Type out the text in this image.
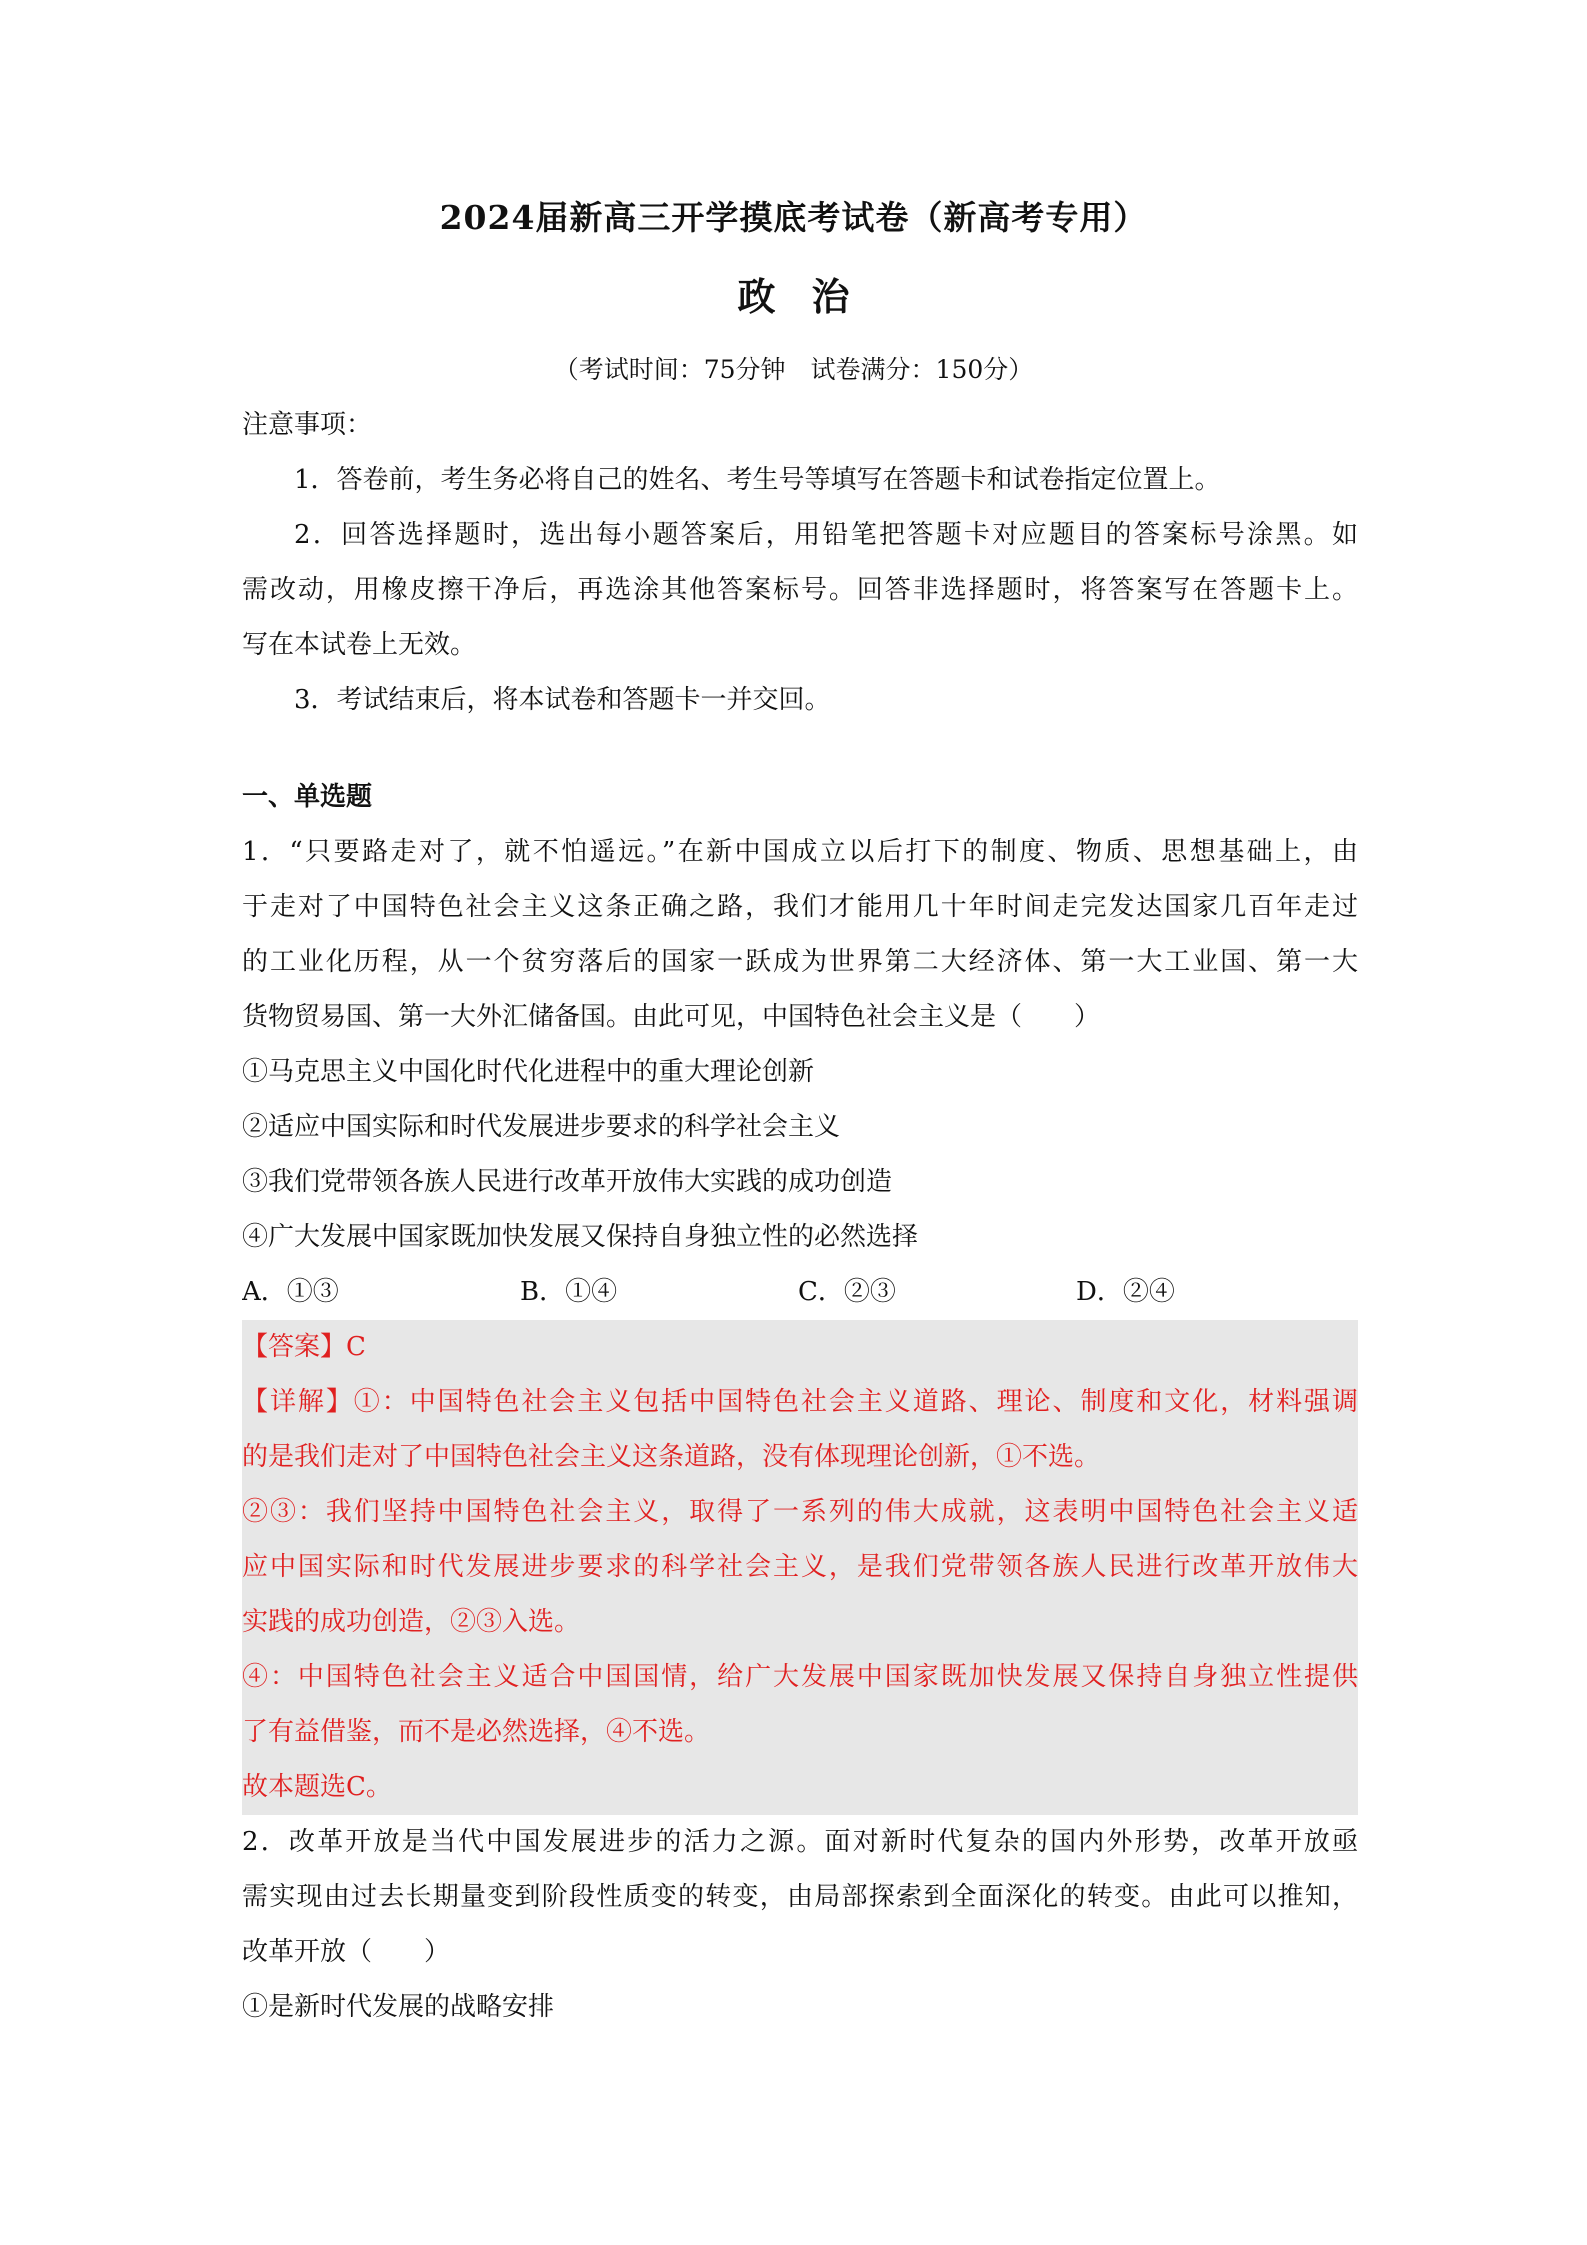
2024届新高三开学摸底考试卷（新高考专用）
政治
（考试时间：75分钟　试卷满分：150分）
注意事项：
1．答卷前，考生务必将自己的姓名、考生号等填写在答题卡和试卷指定位置上。
2．回答选择题时，选出每小题答案后，用铅笔把答题卡对应题目的答案标号涂黑。如
需改动，用橡皮擦干净后，再选涂其他答案标号。回答非选择题时，将答案写在答题卡上。
写在本试卷上无效。
3．考试结束后，将本试卷和答题卡一并交回。
一、单选题
1．“只要路走对了，就不怕遥远。”在新中国成立以后打下的制度、物质、思想基础上，由
于走对了中国特色社会主义这条正确之路，我们才能用几十年时间走完发达国家几百年走过
的工业化历程，从一个贫穷落后的国家一跃成为世界第二大经济体、第一大工业国、第一大
货物贸易国、第一大外汇储备国。由此可见，中国特色社会主义是（　　）
①马克思主义中国化时代化进程中的重大理论创新
②适应中国实际和时代发展进步要求的科学社会主义
③我们党带领各族人民进行改革开放伟大实践的成功创造
④广大发展中国家既加快发展又保持自身独立性的必然选择
A．①③	B．①④	C．②③	D．②④
【答案】C
【详解】①：中国特色社会主义包括中国特色社会主义道路、理论、制度和文化，材料强调
的是我们走对了中国特色社会主义这条道路，没有体现理论创新，①不选。
②③：我们坚持中国特色社会主义，取得了一系列的伟大成就，这表明中国特色社会主义适
应中国实际和时代发展进步要求的科学社会主义，是我们党带领各族人民进行改革开放伟大
实践的成功创造，②③入选。
④：中国特色社会主义适合中国国情，给广大发展中国家既加快发展又保持自身独立性提供
了有益借鉴，而不是必然选择，④不选。
故本题选C。
2．改革开放是当代中国发展进步的活力之源。面对新时代复杂的国内外形势，改革开放亟
需实现由过去长期量变到阶段性质变的转变，由局部探索到全面深化的转变。由此可以推知，
改革开放（　　）
①是新时代发展的战略安排
